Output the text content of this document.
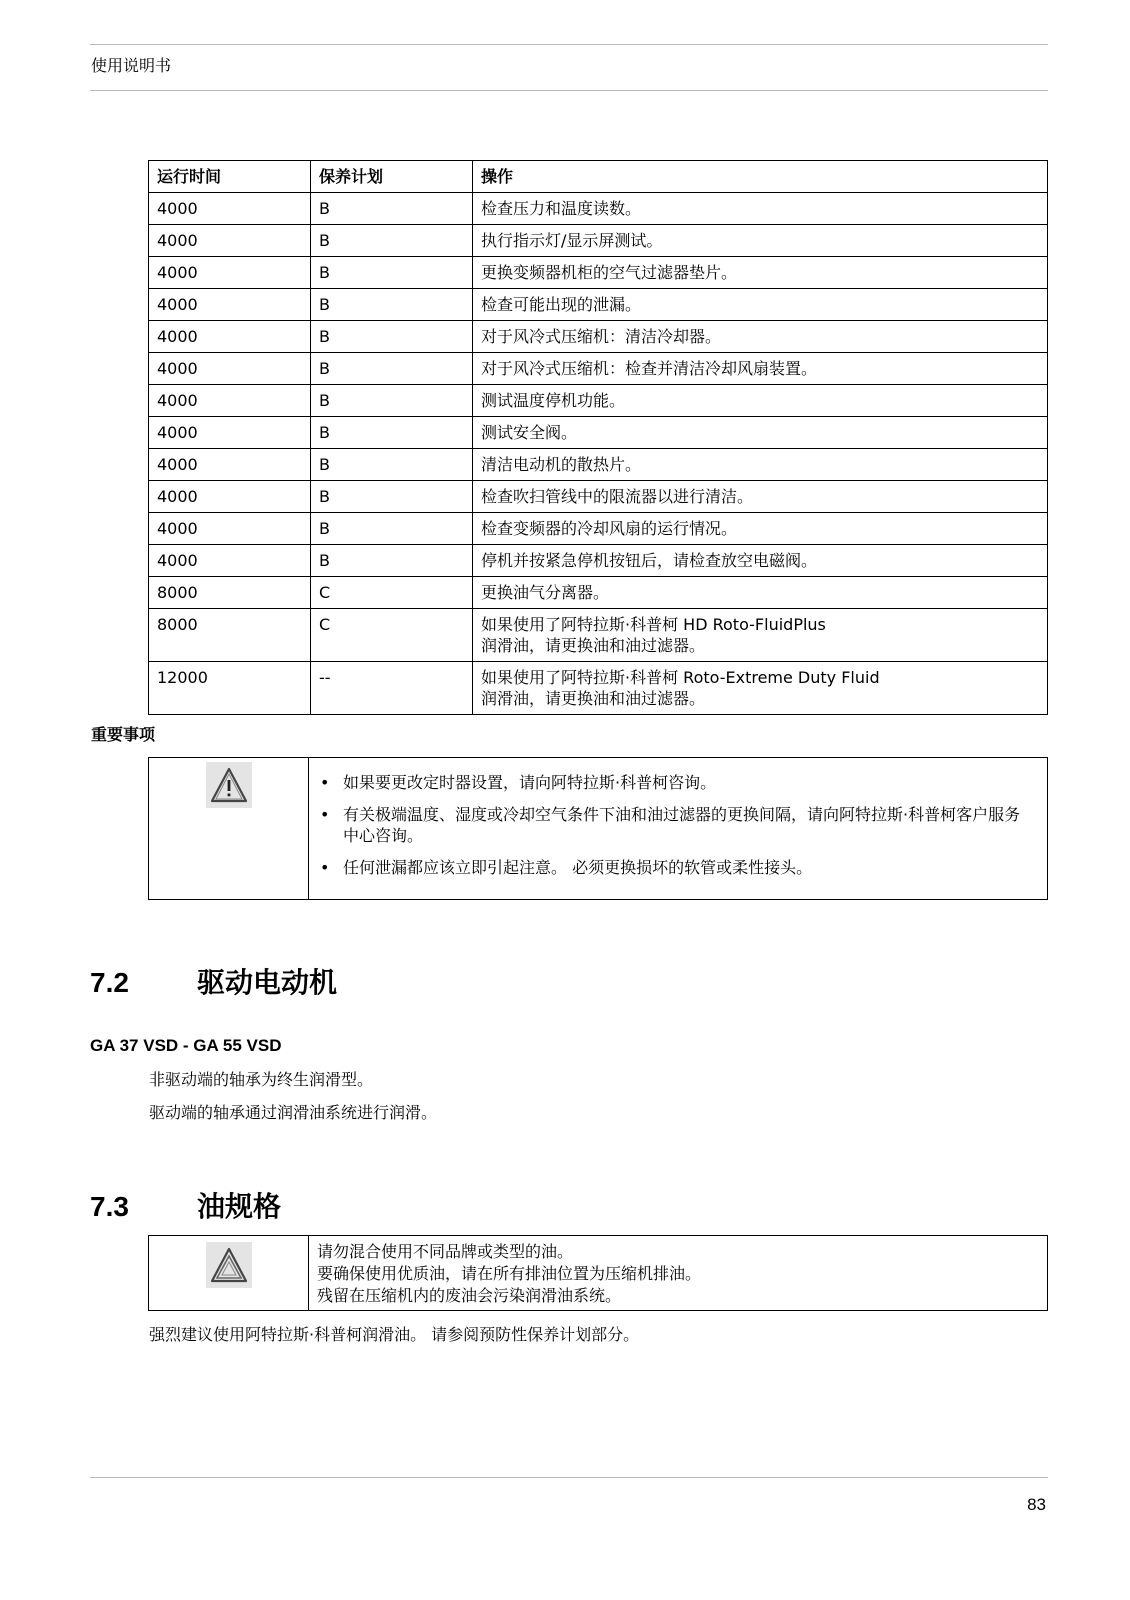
使用说明书
运行时间	保养计划	操作
4000	B	检查压力和温度读数。
4000	B	执行指示灯/显示屏测试。
4000	B	更换变频器机柜的空气过滤器垫片。
4000	B	检查可能出现的泄漏。
4000	B	对于风冷式压缩机：清洁冷却器。
4000	B	对于风冷式压缩机：检查并清洁冷却风扇装置。
4000	B	测试温度停机功能。
4000	B	测试安全阀。
4000	B	清洁电动机的散热片。
4000	B	检查吹扫管线中的限流器以进行清洁。
4000	B	检查变频器的冷却风扇的运行情况。
4000	B	停机并按紧急停机按钮后，请检查放空电磁阀。
8000	C	更换油气分离器。
8000	C	如果使用了阿特拉斯·科普柯 HD Roto-FluidPlus
润滑油，请更换油和油过滤器。

12000	--	如果使用了阿特拉斯·科普柯 Roto-Extreme Duty Fluid
润滑油，请更换油和油过滤器。
重要事项
• 如果要更改定时器设置，请向阿特拉斯·科普柯咨询。
• 有关极端温度、湿度或冷却空气条件下油和油过滤器的更换间隔，请向阿特拉斯·科普柯客户服务中心咨询。
• 任何泄漏都应该立即引起注意。 必须更换损坏的软管或柔性接头。
7.2	驱动电动机
GA 37 VSD - GA 55 VSD
非驱动端的轴承为终生润滑型。
驱动端的轴承通过润滑油系统进行润滑。
7.3	油规格
请勿混合使用不同品牌或类型的油。
要确保使用优质油，请在所有排油位置为压缩机排油。
残留在压缩机内的废油会污染润滑油系统。
强烈建议使用阿特拉斯·科普柯润滑油。 请参阅预防性保养计划部分。
83
